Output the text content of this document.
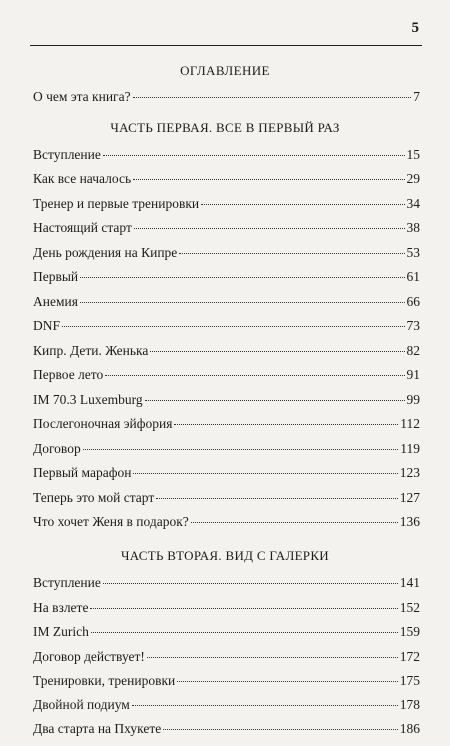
5
ОГЛАВЛЕНИЕ
О чем эта книга?	7
ЧАСТЬ ПЕРВАЯ. ВСЕ В ПЕРВЫЙ РАЗ
Вступление	15
Как все началось	29
Тренер и первые тренировки	34
Настоящий старт	38
День рождения на Кипре	53
Первый	61
Анемия	66
DNF	73
Кипр. Дети. Женька	82
Первое лето	91
IM 70.3 Luxemburg	99
Послегоночная эйфория	112
Договор	119
Первый марафон	123
Теперь это мой старт	127
Что хочет Женя в подарок?	136
ЧАСТЬ ВТОРАЯ. ВИД С ГАЛЕРКИ
Вступление	141
На взлете	152
IM Zurich	159
Договор действует!	172
Тренировки, тренировки	175
Двойной подиум	178
Два старта на Пхукете	186
